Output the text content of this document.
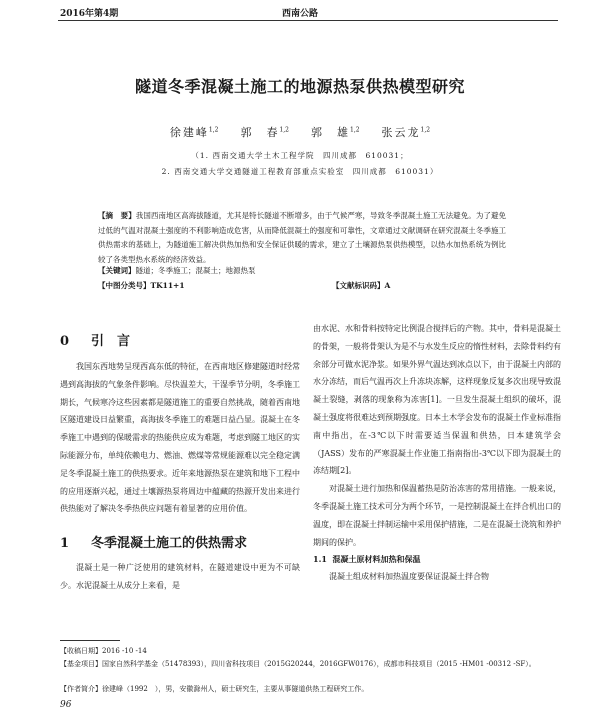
2016年第4期	西南公路
隧道冬季混凝土施工的地源热泵供热模型研究
徐建峰$^{1,2}$ 郭　春$^{1,2}$ 郭　雄$^{1,2}$ 张云龙$^{1,2}$
（1. 西南交通大学土木工程学院　四川成都　610031；
2. 西南交通大学交通隧道工程教育部重点实验室　四川成都　610031）
【摘　要】我国西南地区高海拔隧道，尤其是特长隧道不断增多，由于气候严寒，导致冬季混凝土施工无法避免。为了避免过低的气温对混凝土强度的不利影响造成危害，从而降低混凝土的强度和可靠性，文章通过文献调研在研究混凝土冬季施工供热需求的基础上，为隧道施工解决供热加热和安全保证供暖的需求，建立了土壤源热泵供热模型，以热水加热系统为例比较了各类型热水系统的经济效益。
【关键词】隧道；冬季施工；混凝土；地源热泵
【中图分类号】TK11+1	【文献标识码】A

0 引　言

我国东西地势呈现西高东低的特征，在西南地区修建隧道时经常遇到高海拔的气象条件影响。尽快温差大，干湿季节分明，冬季施工期长，气候寒冷这些因素都是隧道施工的重要自然挑战，随着西南地区隧道建设日益繁重，高海拔冬季施工的难题日益凸显。混凝土在冬季施工中遇到的保暖需求的热能供应成为难题，考虑到隧工地区的实际能源分布，单纯依赖电力、燃油、燃煤等常规能源难以完全稳定满足冬季混凝土施工的供热要求。近年来地源热泵在建筑和地下工程中的应用逐渐兴起，通过土壤源热泵将周边中蕴藏的热源开发出来进行供热能对了解决冬季热供应问题有着显著的应用价值。

1 冬季混凝土施工的供热需求

混凝土是一种广泛使用的建筑材料，在隧道建设中更为不可缺少。水泥混凝土从成分上来看，是

由水泥、水和骨料按特定比例混合搅拌后的产物。其中，骨料是混凝土的骨架，一般将骨架认为是不与水发生反应的惰性材料，去除骨料约有余部分可做水泥净浆。如果外界气温达到冰点以下，由于混凝土内部的水分冻结，而后气温再次上升冻块冻解，这样现象反复多次出现导致混凝土裂缝，剥落的现象称为冻害[1]。一旦发生混凝土组织的破坏，混凝土强度将很难达到预期强度。日本土木学会发布的混凝土作业标准指南中指出，在-3℃以下时需要适当保温和供热，日本建筑学会（JASS）发布的严寒混凝土作业施工指南指出-3℃以下即为混凝土的冻结期[2]。

对混凝土进行加热和保温蓄热是防治冻害的常用措施。一般来说，冬季混凝土施工技术可分为两个环节，一是控制混凝土在拌合机出口的温度，即在混凝土拌制运输中采用保护措施，二是在混凝土浇筑和养护期间的保护。

1.1 混凝土原材料加热和保温

混凝土组成材料加热温度要保证混凝土拌合物

【收稿日期】2016 -10 -14
【基金项目】国家自然科学基金（51478393），四川省科技项目（2015G20244，2016GFW0176），成都市科技项目（2015 -HM01 -00312 -SF）。
【作者简介】徐建峰（1992　），男，安徽滁州人，硕士研究生，主要从事隧道供热工程研究工作。
96
